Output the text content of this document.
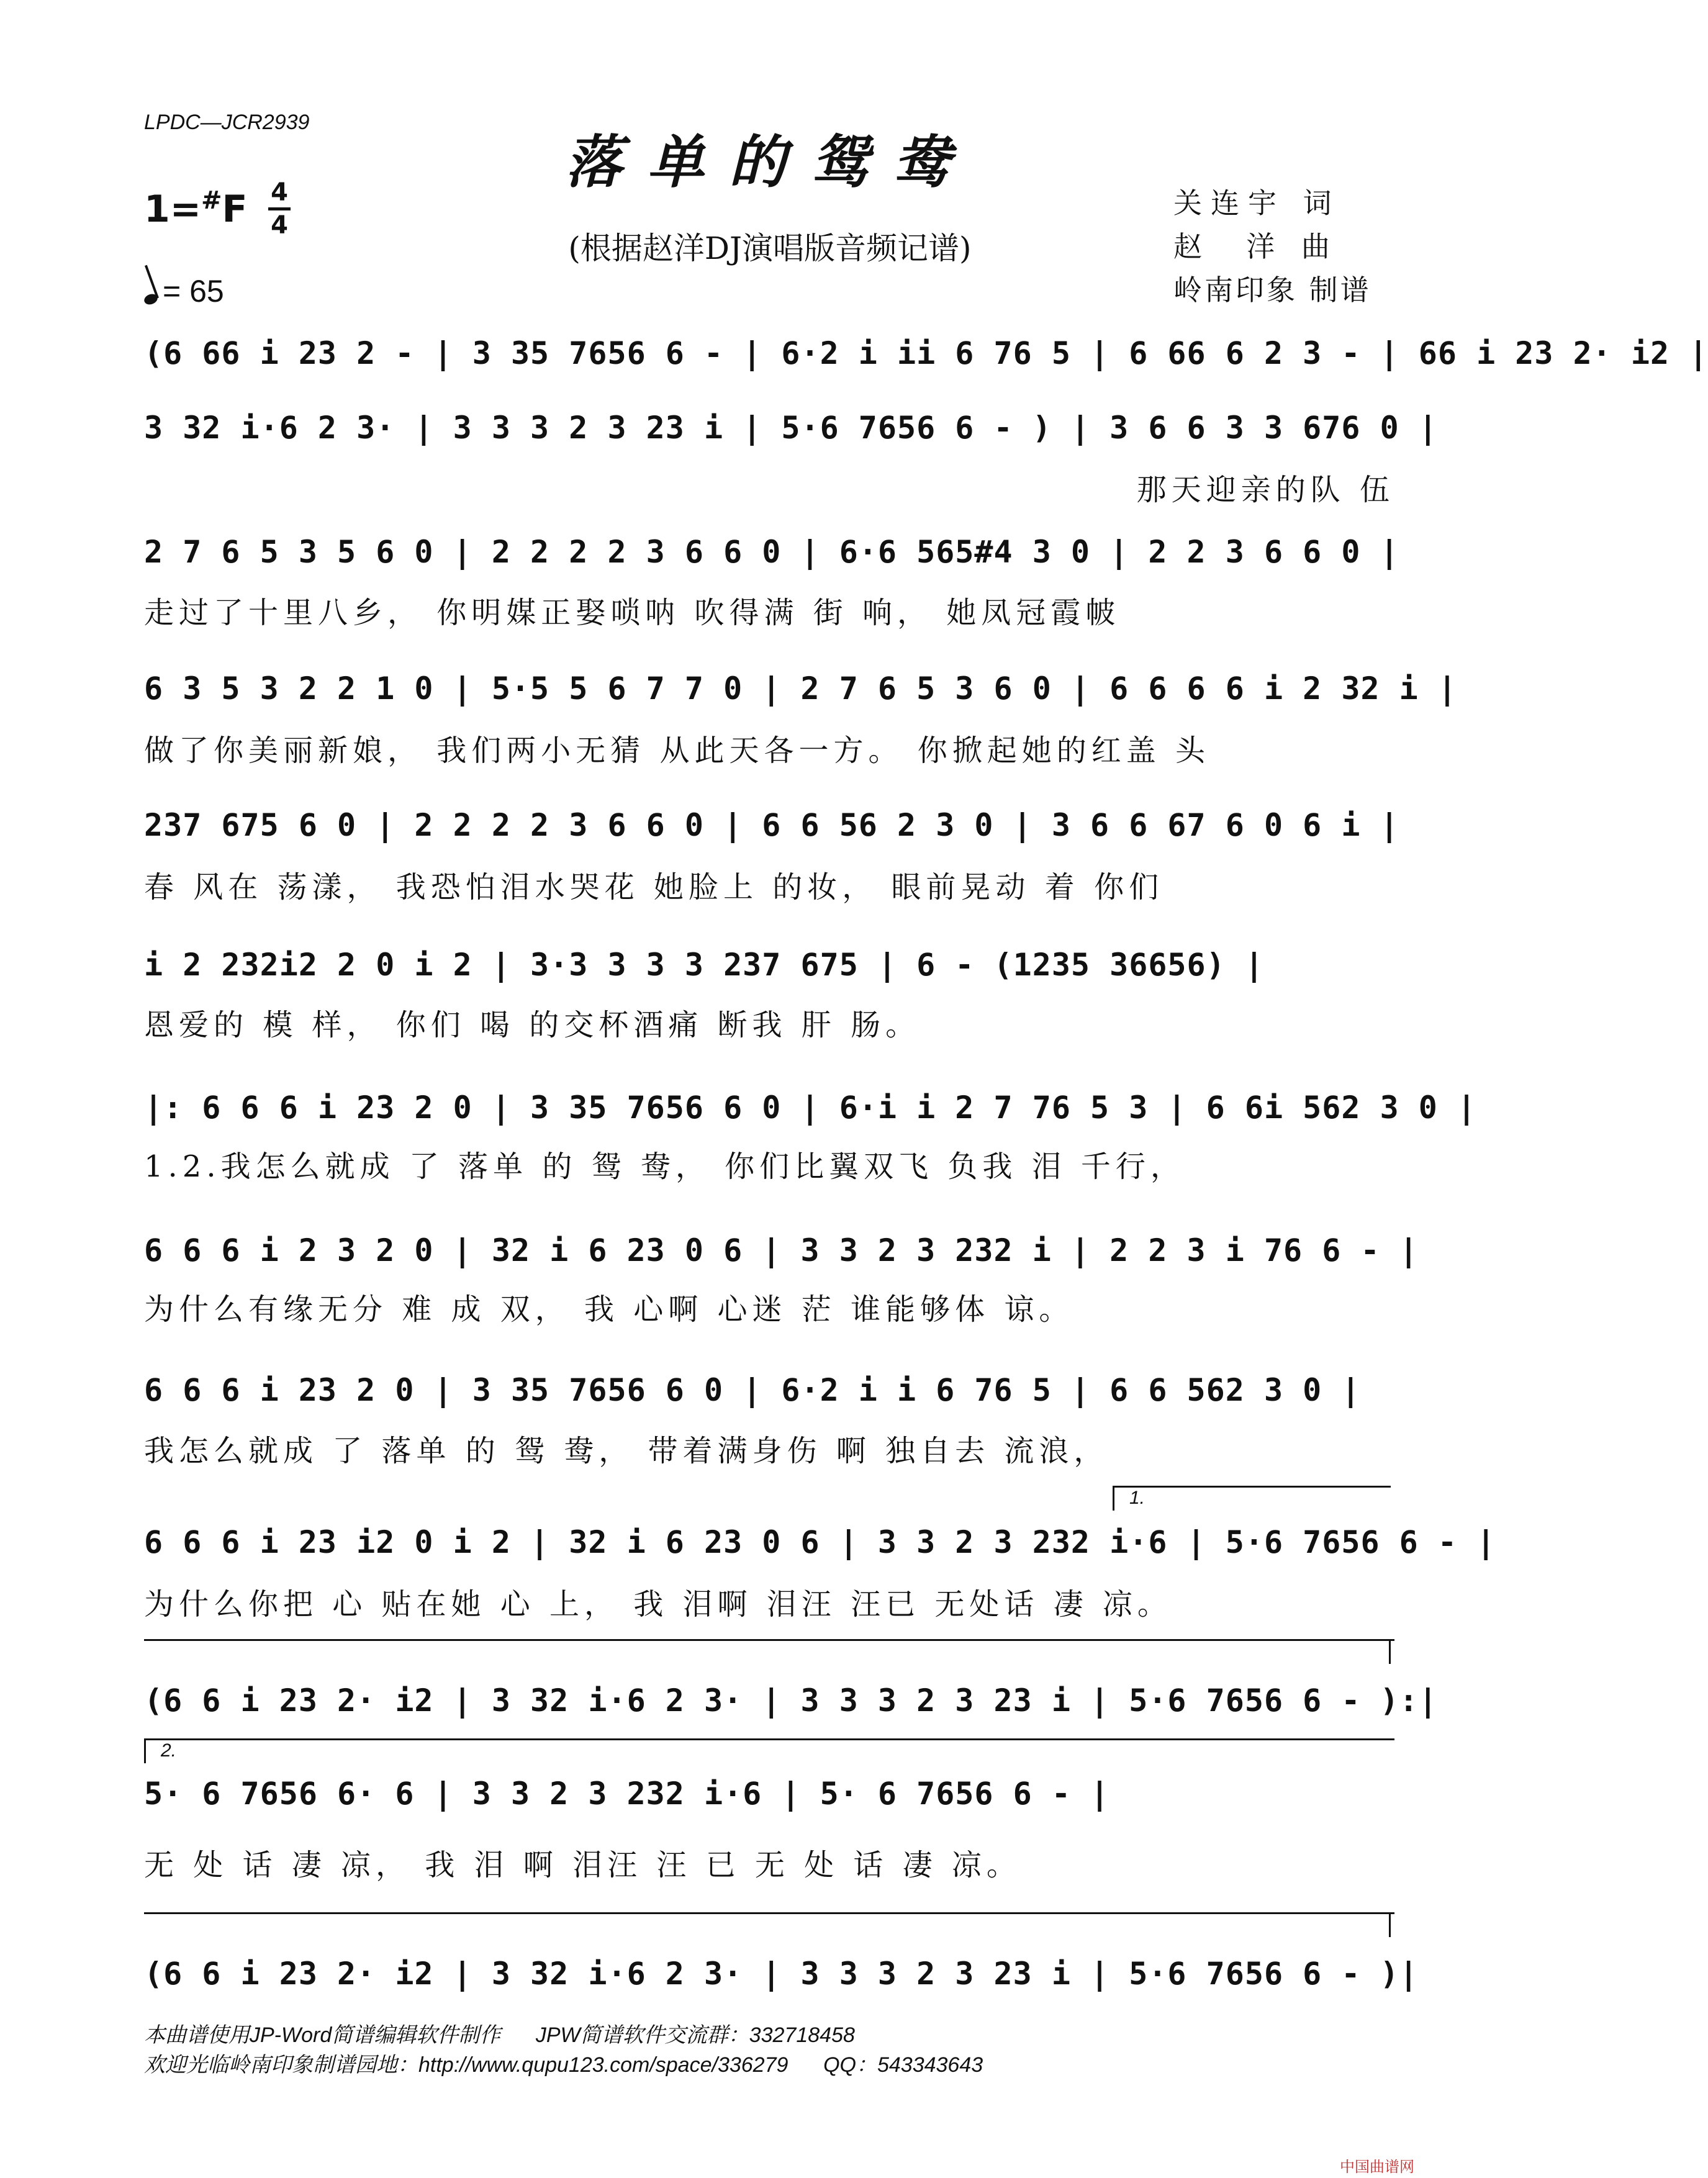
LPDC—JCR2939
落单的鸳鸯
(根据赵洋DJ演唱版音频记谱)
1=#F 4
4
= 65
关连宇 词
赵  洋 曲
岭南印象 制谱
(6 66 i 23 2 - | 3 35 7656 6 - | 6·2 i ii 6 76 5 | 6 66 6 2 3 - | 66 i 23 2· i2 |
3 32 i·6 2 3· | 3 3 3 2 3 23 i | 5·6 7656 6 - ) | 3 6 6 3 3 676 0 |
那天迎亲的队 伍
2 7 6 5 3 5 6 0 | 2 2 2 2 3 6 6 0 | 6·6 565#4 3 0 | 2 2 3 6 6 0 |
走过了十里八乡， 你明媒正娶唢呐 吹得满 街 响， 她凤冠霞帔
6 3 5 3 2 2 1 0 | 5·5 5 6 7 7 0 | 2 7 6 5 3 6 0 | 6 6 6 6 i 2 32 i |
做了你美丽新娘， 我们两小无猜 从此天各一方。 你掀起她的红盖 头
237 675 6 0 | 2 2 2 2 3 6 6 0 | 6 6 56 2 3 0 | 3 6 6 67 6 0 6 i |
春 风在 荡漾， 我恐怕泪水哭花 她脸上 的妆， 眼前晃动 着 你们
i 2 232i2 2 0 i 2 | 3·3 3 3 3 237 675 | 6 - (1235 36656) |
恩爱的 模 样， 你们 喝 的交杯酒痛 断我 肝 肠。
|: 6 6 6 i 23 2 0 | 3 35 7656 6 0 | 6·i i 2 7 76 5 3 | 6 6i 562 3 0 |
1.2.我怎么就成 了 落单 的 鸳 鸯， 你们比翼双飞 负我 泪 千行，
6 6 6 i 2 3 2 0 | 32 i 6 23 0 6 | 3 3 2 3 232 i | 2 2 3 i 76 6 - |
为什么有缘无分 难 成 双， 我 心啊 心迷 茫 谁能够体 谅。
6 6 6 i 23 2 0 | 3 35 7656 6 0 | 6·2 i i 6 76 5 | 6 6 562 3 0 |
我怎么就成 了 落单 的 鸳 鸯， 带着满身伤 啊 独自去 流浪，
1.
6 6 6 i 23 i2 0 i 2 | 32 i 6 23 0 6 | 3 3 2 3 232 i·6 | 5·6 7656 6 - |
为什么你把 心 贴在她 心 上， 我 泪啊 泪汪 汪已 无处话 凄 凉。
(6 6 i 23 2· i2 | 3 32 i·6 2 3· | 3 3 3 2 3 23 i | 5·6 7656 6 - ):|
2.
5· 6 7656 6· 6 | 3 3 2 3 232 i·6 | 5· 6 7656 6 - |
无 处 话 凄 凉， 我 泪 啊 泪汪 汪 已 无 处 话 凄 凉。
(6 6 i 23 2· i2 | 3 32 i·6 2 3· | 3 3 3 2 3 23 i | 5·6 7656 6 - )|
本曲谱使用JP-Word简谱编辑软件制作      JPW简谱软件交流群：332718458
欢迎光临岭南印象制谱园地：http://www.qupu123.com/space/336279      QQ：543343643
中国曲谱网
